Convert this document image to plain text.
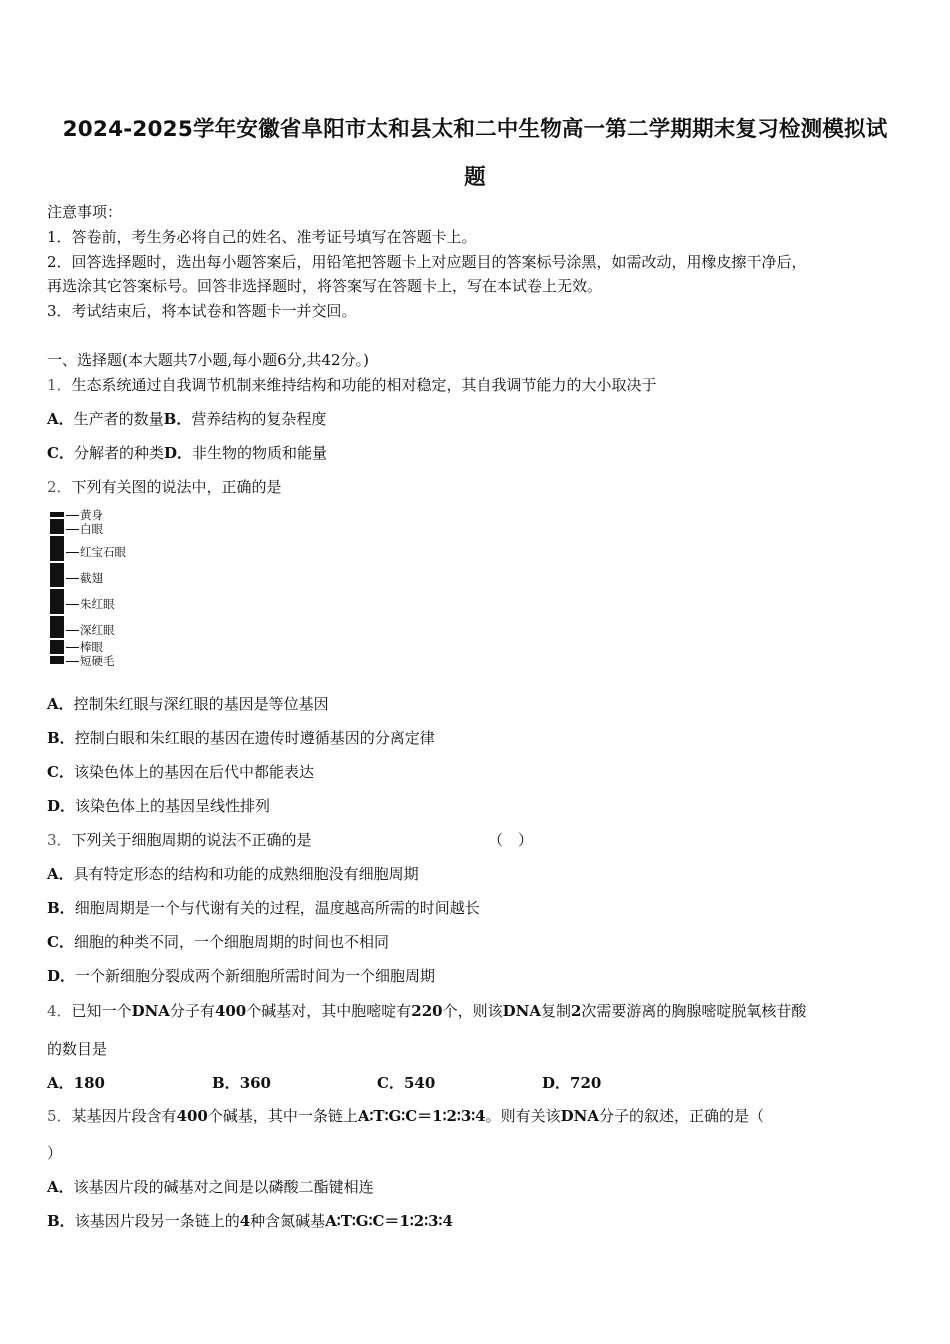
2024-2025学年安徽省阜阳市太和县太和二中生物高一第二学期期末复习检测模拟试
题
注意事项：
1．答卷前，考生务必将自己的姓名、准考证号填写在答题卡上。
2．回答选择题时，选出每小题答案后，用铅笔把答题卡上对应题目的答案标号涂黑，如需改动，用橡皮擦干净后，
再选涂其它答案标号。回答非选择题时，将答案写在答题卡上，写在本试卷上无效。
3．考试结束后，将本试卷和答题卡一并交回。
一、选择题(本大题共7小题,每小题6分,共42分。)
1．生态系统通过自我调节机制来维持结构和功能的相对稳定，其自我调节能力的大小取决于
A．生产者的数量B．营养结构的复杂程度
C．分解者的种类D．非生物的物质和能量
2．下列有关图的说法中，正确的是
黄身
白眼
红宝石眼
截翅
朱红眼
深红眼
棒眼
短硬毛
A．控制朱红眼与深红眼的基因是等位基因
B．控制白眼和朱红眼的基因在遗传时遵循基因的分离定律
C．该染色体上的基因在后代中都能表达
D．该染色体上的基因呈线性排列
3．下列关于细胞周期的说法不正确的是	（　）
A．具有特定形态的结构和功能的成熟细胞没有细胞周期
B．细胞周期是一个与代谢有关的过程，温度越高所需的时间越长
C．细胞的种类不同，一个细胞周期的时间也不相同
D．一个新细胞分裂成两个新细胞所需时间为一个细胞周期
4．已知一个DNA分子有400个碱基对，其中胞嘧啶有220个，则该DNA复制2次需要游离的胸腺嘧啶脱氧核苷酸
的数目是
A．180	B．360	C．540	D．720
5．某基因片段含有400个碱基，其中一条链上A∶T∶G∶C＝1∶2∶3∶4。则有关该DNA分子的叙述，正确的是（
）
A．该基因片段的碱基对之间是以磷酸二酯键相连
B．该基因片段另一条链上的4种含氮碱基A∶T∶G∶C＝1∶2∶3∶4
